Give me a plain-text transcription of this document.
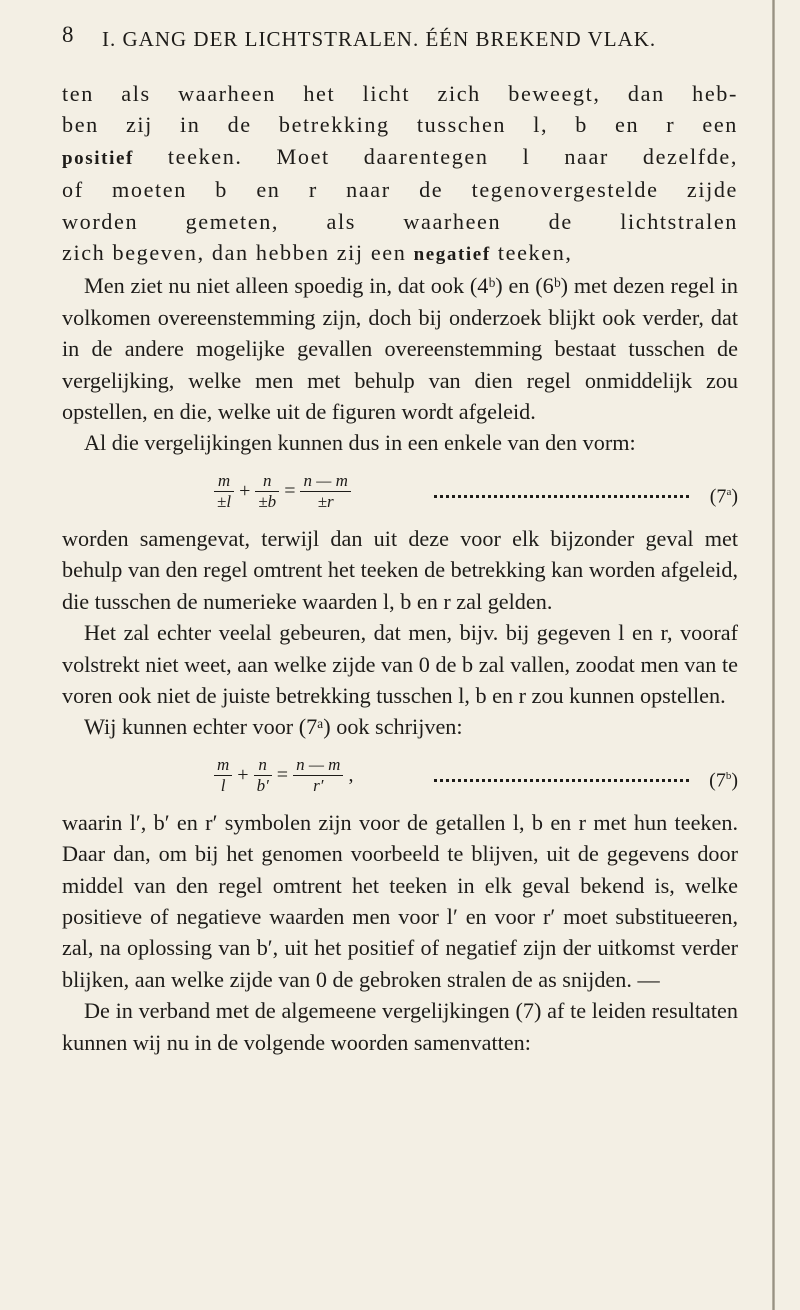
8 I. GANG DER LICHTSTRALEN. ÉÉN BREKEND VLAK.

ten als waarheen het licht zich beweegt, dan heb-

ben zij in de betrekking tusschen l, b en r een

positief teeken. Moet daarentegen l naar dezelfde,

of moeten b en r naar de tegenovergestelde zijde

worden gemeten, als waarheen de lichtstralen

zich begeven, dan hebben zij een negatief teeken,

Men ziet nu niet alleen spoedig in, dat ook (4ᵇ) en (6ᵇ) met dezen regel in volkomen overeenstemming zijn, doch bij onderzoek blijkt ook verder, dat in de andere mogelijke gevallen overeenstemming bestaat tusschen de vergelijking, welke men met behulp van dien regel onmiddelijk zou opstellen, en die, welke uit de figuren wordt afgeleid.

Al die vergelijkingen kunnen dus in een enkele van den vorm:

$\frac{m}{\pm l} + \frac{n}{\pm b} = \frac{n — m}{\pm r}$	(7$^a$)

worden samengevat, terwijl dan uit deze voor elk bijzonder geval met behulp van den regel omtrent het teeken de betrekking kan worden afgeleid, die tusschen de numerieke waarden l, b en r zal gelden.

Het zal echter veelal gebeuren, dat men, bijv. bij gegeven l en r, vooraf volstrekt niet weet, aan welke zijde van 0 de b zal vallen, zoodat men van te voren ook niet de juiste betrekking tusschen l, b en r zou kunnen opstellen.

Wij kunnen echter voor (7ᵃ) ook schrijven:

$\frac{m}{l} + \frac{n}{b'} = \frac{n — m}{r'}$ ,	(7$^b$)

waarin l′, b′ en r′ symbolen zijn voor de getallen l, b en r met hun teeken. Daar dan, om bij het genomen voorbeeld te blijven, uit de gegevens door middel van den regel omtrent het teeken in elk geval bekend is, welke positieve of negatieve waarden men voor l′ en voor r′ moet substitueeren, zal, na oplossing van b′, uit het positief of negatief zijn der uitkomst verder blijken, aan welke zijde van 0 de gebroken stralen de as snijden. —

De in verband met de algemeene vergelijkingen (7) af te leiden resultaten kunnen wij nu in de volgende woorden samenvatten:
